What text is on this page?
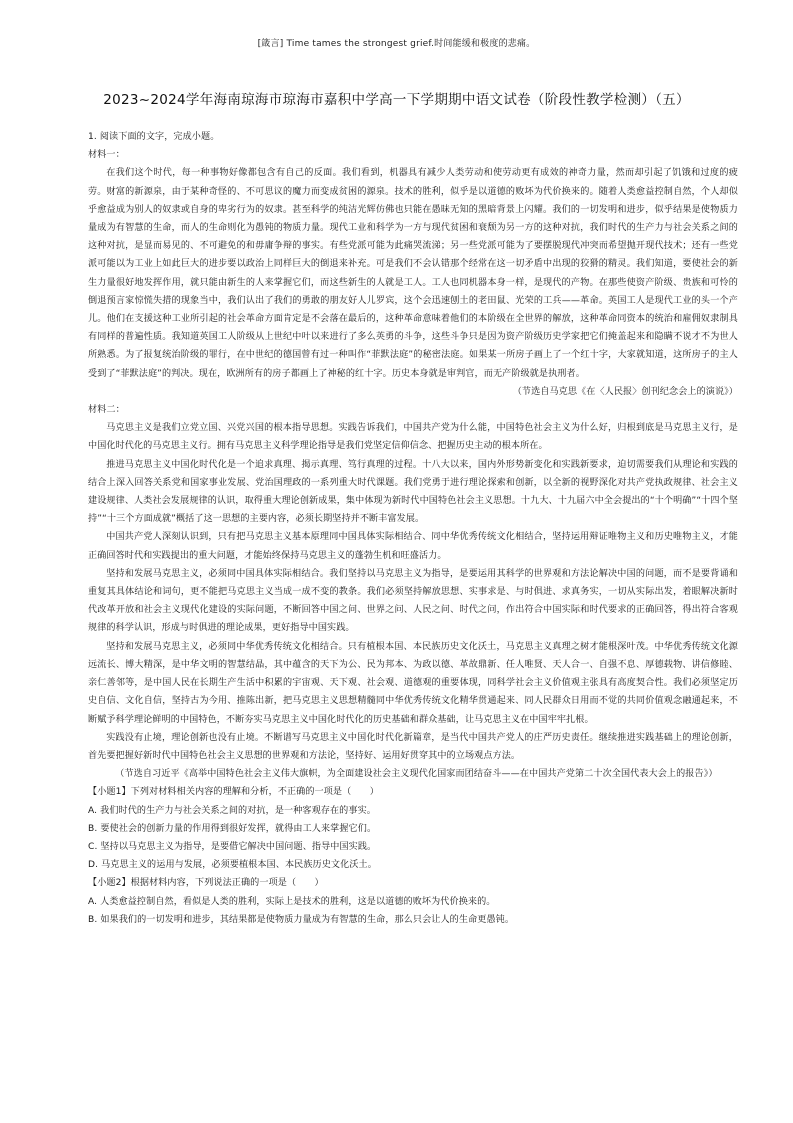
[箴言] Time tames the strongest grief.时间能缓和极度的悲痛。
2023~2024学年海南琼海市琼海市嘉积中学高一下学期期中语文试卷（阶段性教学检测）（五）

1. 阅读下面的文字，完成小题。

材料一：

在我们这个时代，每一种事物好像都包含有自己的反面。我们看到，机器具有减少人类劳动和使劳动更有成效的神奇力量，然而却引起了饥饿和过度的疲劳。财富的新源泉，由于某种奇怪的、不可思议的魔力而变成贫困的源泉。技术的胜利，似乎是以道德的败坏为代价换来的。随着人类愈益控制自然，个人却似乎愈益成为别人的奴隶或自身的卑劣行为的奴隶。甚至科学的纯洁光辉仿佛也只能在愚昧无知的黑暗背景上闪耀。我们的一切发明和进步，似乎结果是使物质力量成为有智慧的生命，而人的生命则化为愚钝的物质力量。现代工业和科学为一方与现代贫困和衰颓为另一方的这种对抗，我们时代的生产力与社会关系之间的这种对抗，是显而易见的、不可避免的和毋庸争辩的事实。有些党派可能为此痛哭流涕；另一些党派可能为了要摆脱现代冲突而希望抛开现代技术；还有一些党派可能以为工业上如此巨大的进步要以政治上同样巨大的倒退来补充。可是我们不会认错那个经常在这一切矛盾中出现的狡猾的精灵。我们知道，要使社会的新生力量很好地发挥作用，就只能由新生的人来掌握它们，而这些新生的人就是工人。工人也同机器本身一样，是现代的产物。在那些使资产阶级、贵族和可怜的倒退预言家惊慌失措的现象当中，我们认出了我们的勇敢的朋友好人儿罗宾，这个会迅速刨土的老田鼠、光荣的工兵——革命。英国工人是现代工业的头一个产儿。他们在支援这种工业所引起的社会革命方面肯定是不会落在最后的，这种革命意味着他们的本阶级在全世界的解放，这种革命同资本的统治和雇佣奴隶制具有同样的普遍性质。我知道英国工人阶级从上世纪中叶以来进行了多么英勇的斗争，这些斗争只是因为资产阶级历史学家把它们掩盖起来和隐瞒不说才不为世人所熟悉。为了报复统治阶级的罪行，在中世纪的德国曾有过一种叫作“菲默法庭”的秘密法庭。如果某一所房子画上了一个红十字，大家就知道，这所房子的主人受到了“菲默法庭”的判决。现在，欧洲所有的房子都画上了神秘的红十字。历史本身就是审判官，而无产阶级就是执刑者。

（节选自马克思《在〈人民报〉创刊纪念会上的演说》）

材料二：

马克思主义是我们立党立国、兴党兴国的根本指导思想。实践告诉我们，中国共产党为什么能，中国特色社会主义为什么好，归根到底是马克思主义行，是中国化时代化的马克思主义行。拥有马克思主义科学理论指导是我们党坚定信仰信念、把握历史主动的根本所在。

推进马克思主义中国化时代化是一个追求真理、揭示真理、笃行真理的过程。十八大以来，国内外形势新变化和实践新要求，迫切需要我们从理论和实践的结合上深入回答关系党和国家事业发展、党治国理政的一系列重大时代课题。我们党勇于进行理论探索和创新，以全新的视野深化对共产党执政规律、社会主义建设规律、人类社会发展规律的认识，取得重大理论创新成果，集中体现为新时代中国特色社会主义思想。十九大、十九届六中全会提出的“十个明确”“十四个坚持”“十三个方面成就”概括了这一思想的主要内容，必须长期坚持并不断丰富发展。

中国共产党人深刻认识到，只有把马克思主义基本原理同中国具体实际相结合、同中华优秀传统文化相结合，坚持运用辩证唯物主义和历史唯物主义，才能正确回答时代和实践提出的重大问题，才能始终保持马克思主义的蓬勃生机和旺盛活力。

坚持和发展马克思主义，必须同中国具体实际相结合。我们坚持以马克思主义为指导，是要运用其科学的世界观和方法论解决中国的问题，而不是要背诵和重复其具体结论和词句，更不能把马克思主义当成一成不变的教条。我们必须坚持解放思想、实事求是、与时俱进、求真务实，一切从实际出发，着眼解决新时代改革开放和社会主义现代化建设的实际问题，不断回答中国之问、世界之问、人民之问、时代之问，作出符合中国实际和时代要求的正确回答，得出符合客观规律的科学认识，形成与时俱进的理论成果，更好指导中国实践。

坚持和发展马克思主义，必须同中华优秀传统文化相结合。只有植根本国、本民族历史文化沃土，马克思主义真理之树才能根深叶茂。中华优秀传统文化源远流长、博大精深，是中华文明的智慧结晶，其中蕴含的天下为公、民为邦本、为政以德、革故鼎新、任人唯贤、天人合一、自强不息、厚德载物、讲信修睦、亲仁善邻等，是中国人民在长期生产生活中积累的宇宙观、天下观、社会观、道德观的重要体现，同科学社会主义价值观主张具有高度契合性。我们必须坚定历史自信、文化自信，坚持古为今用、推陈出新，把马克思主义思想精髓同中华优秀传统文化精华贯通起来、同人民群众日用而不觉的共同价值观念融通起来，不断赋予科学理论鲜明的中国特色，不断夯实马克思主义中国化时代化的历史基础和群众基础，让马克思主义在中国牢牢扎根。

实践没有止境，理论创新也没有止境。不断谱写马克思主义中国化时代化新篇章，是当代中国共产党人的庄严历史责任。继续推进实践基础上的理论创新，首先要把握好新时代中国特色社会主义思想的世界观和方法论，坚持好、运用好贯穿其中的立场观点方法。

（节选自习近平《高举中国特色社会主义伟大旗帜，为全面建设社会主义现代化国家而团结奋斗——在中国共产党第二十次全国代表大会上的报告》）

【小题1】下列对材料相关内容的理解和分析，不正确的一项是（　　）

A. 我们时代的生产力与社会关系之间的对抗，是一种客观存在的事实。

B. 要使社会的创新力量的作用得到很好发挥，就得由工人来掌握它们。

C. 坚持以马克思主义为指导，是要借它解决中国问题、指导中国实践。

D. 马克思主义的运用与发展，必须要植根本国、本民族历史文化沃土。

【小题2】根据材料内容，下列说法正确的一项是（　　）

A. 人类愈益控制自然，看似是人类的胜利，实际上是技术的胜利，这是以道德的败坏为代价换来的。

B. 如果我们的一切发明和进步，其结果都是使物质力量成为有智慧的生命，那么只会让人的生命更愚钝。
